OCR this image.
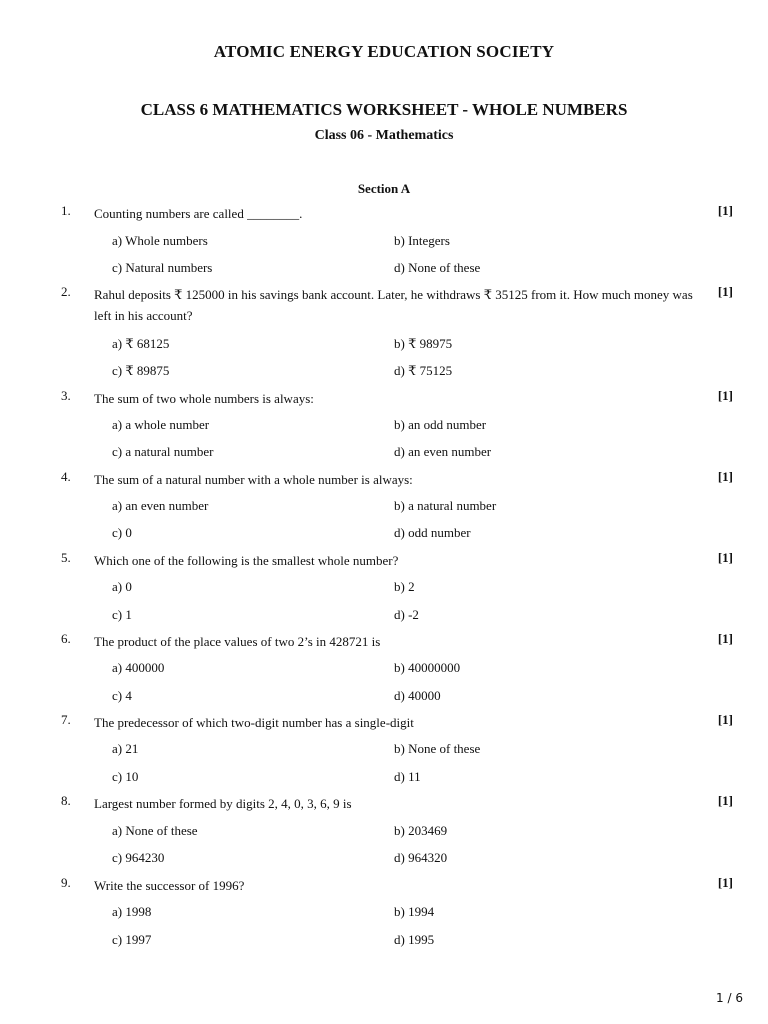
ATOMIC ENERGY EDUCATION SOCIETY
CLASS 6 MATHEMATICS WORKSHEET - WHOLE NUMBERS
Class 06 - Mathematics
Section A
1. Counting numbers are called ________.	[1]
a) Whole numbers	b) Integers
c) Natural numbers	d) None of these
2. Rahul deposits ₹ 125000 in his savings bank account. Later, he withdraws ₹ 35125 from it. How much money was left in his account?
[1]
a) ₹ 68125	b) ₹ 98975
c) ₹ 89875	d) ₹ 75125
3. The sum of two whole numbers is always:	[1]
a) a whole number	b) an odd number
c) a natural number	d) an even number
4. The sum of a natural number with a whole number is always:	[1]
a) an even number	b) a natural number
c) 0	d) odd number
5. Which one of the following is the smallest whole number?	[1]
a) 0	b) 2
c) 1	d) -2
6. The product of the place values of two 2’s in 428721 is	[1]
a) 400000	b) 40000000
c) 4	d) 40000
7. The predecessor of which two-digit number has a single-digit	[1]
a) 21	b) None of these
c) 10	d) 11
8. Largest number formed by digits 2, 4, 0, 3, 6, 9 is	[1]
a) None of these	b) 203469
c) 964230	d) 964320
9. Write the successor of 1996?	[1]
a) 1998	b) 1994
c) 1997	d) 1995
1 / 6
